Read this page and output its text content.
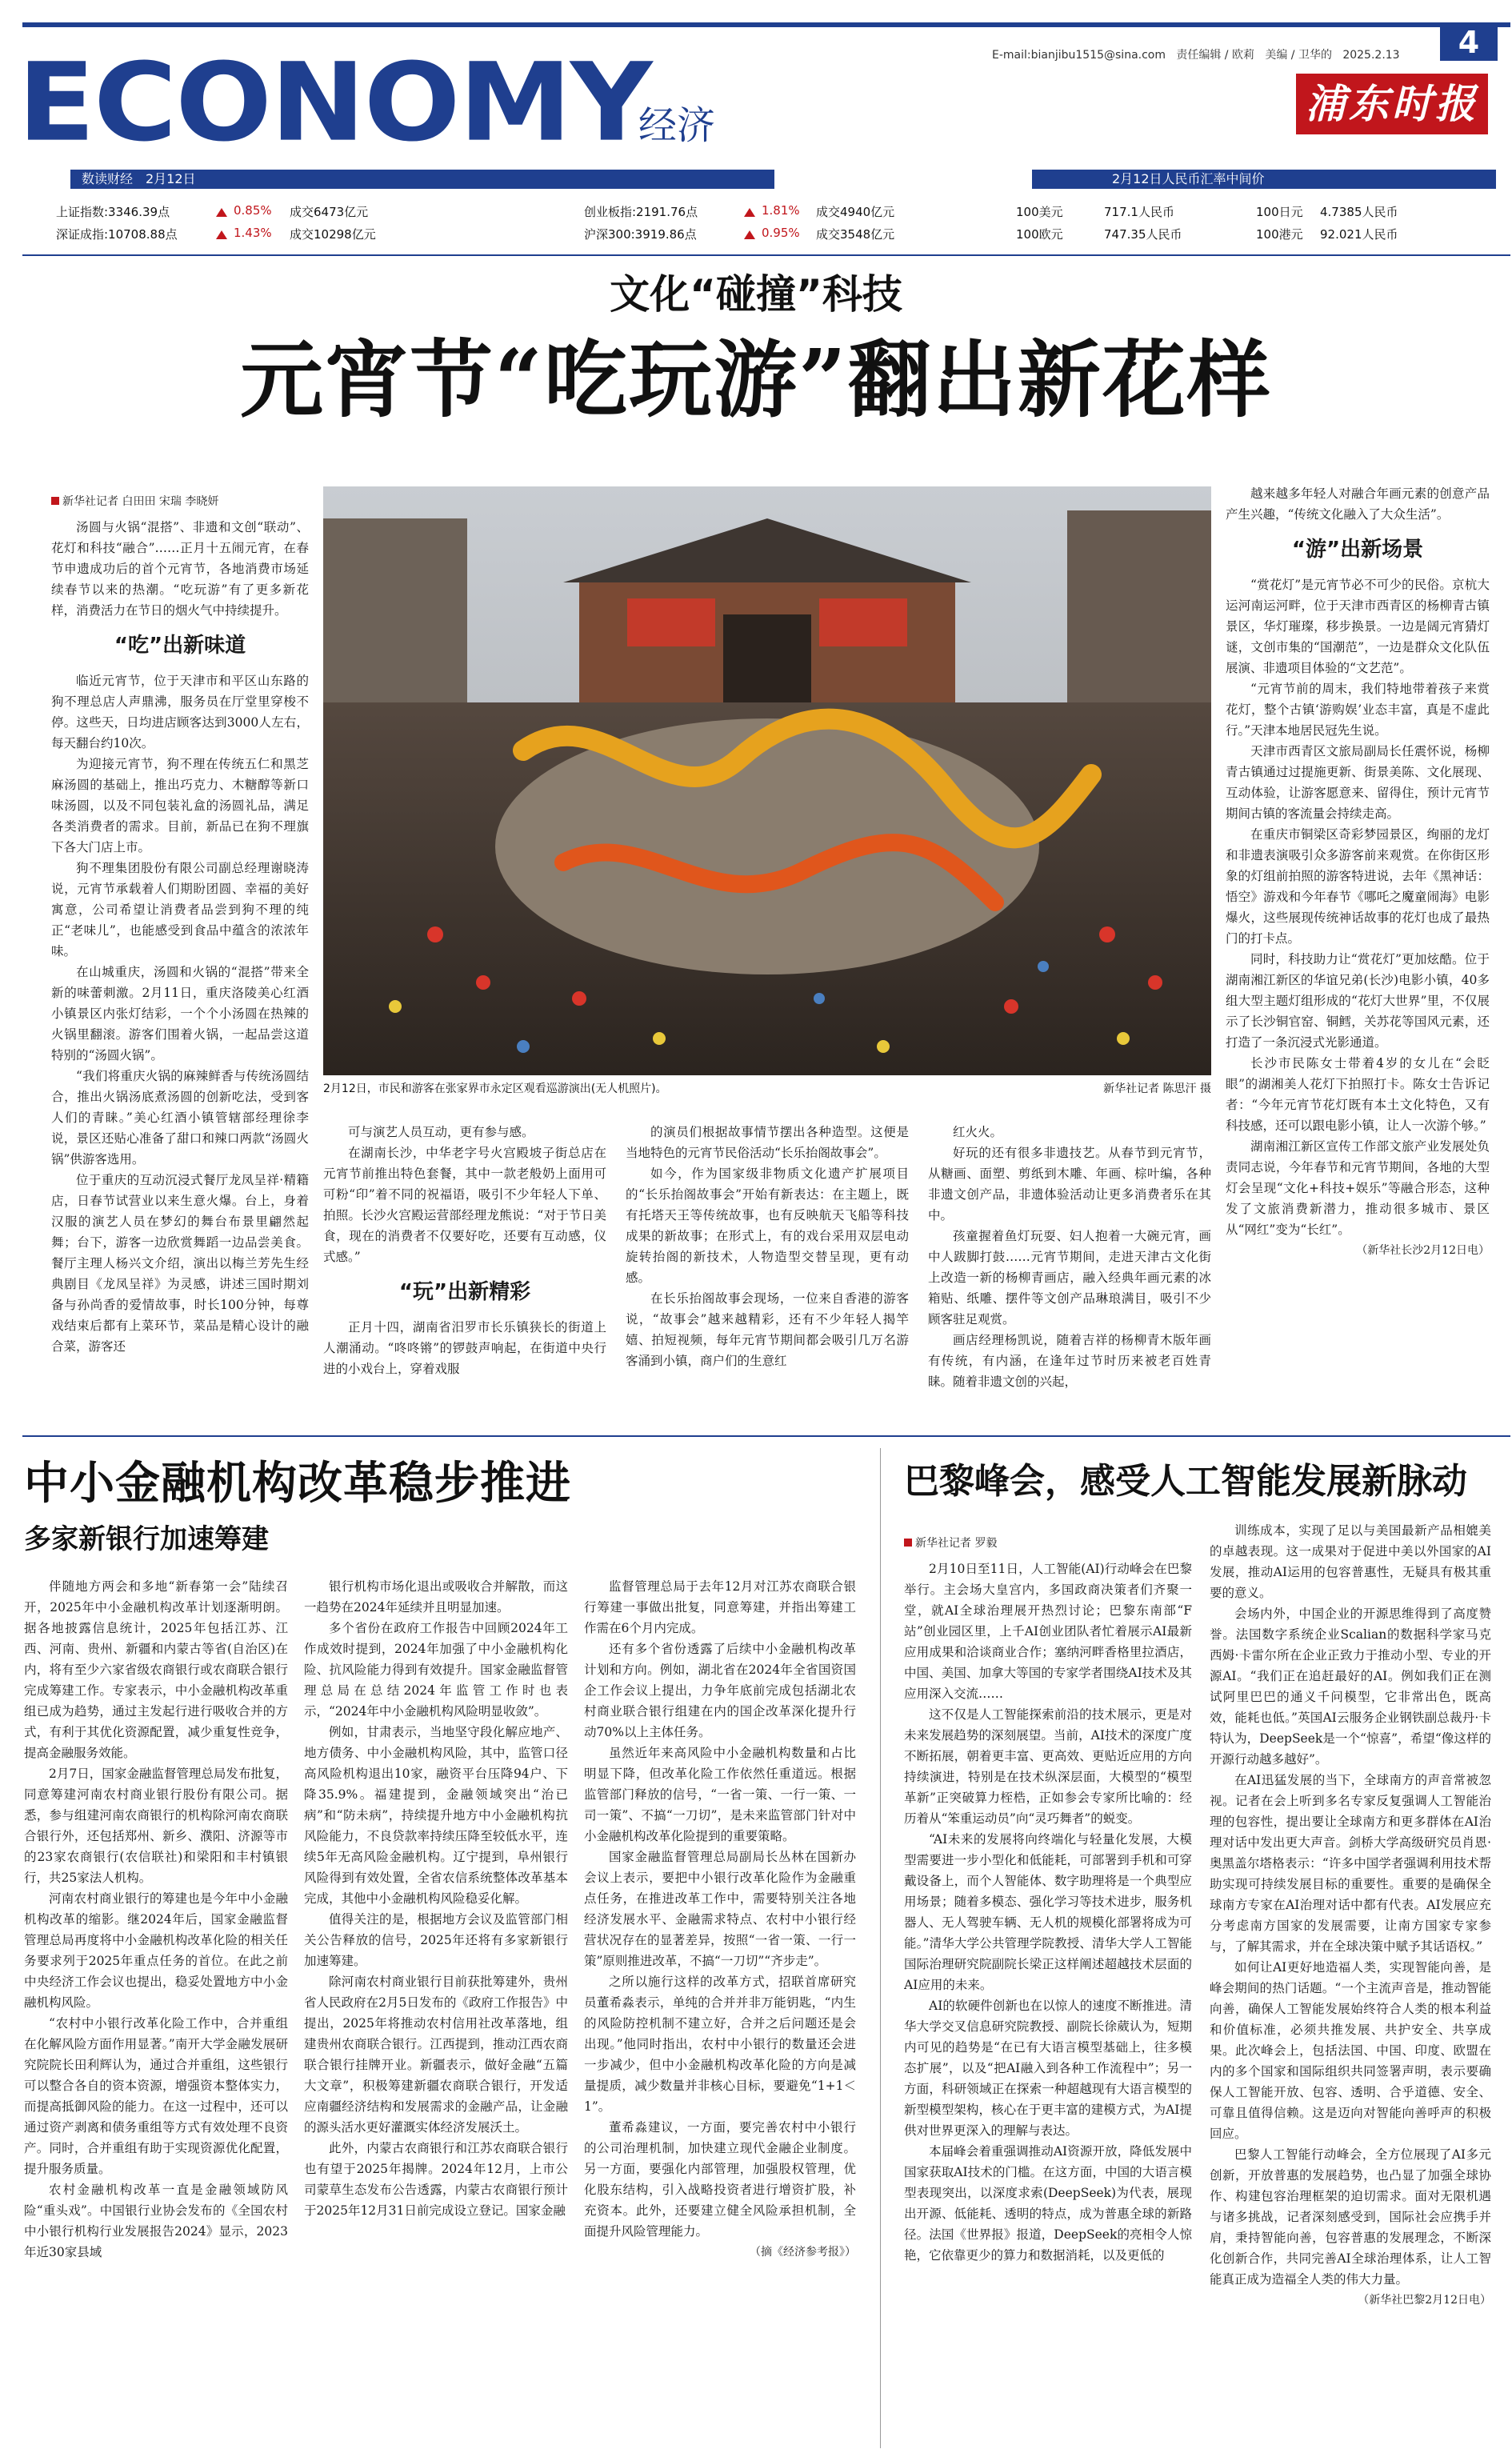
ECONOMY
经济
E-mail:bianjibu1515@sina.com 责任编辑 / 欧莉 美编 / 卫华的 2025.2.13	4
浦东时报
数读财经　2月12日	2月12日人民币汇率中间价
上证指数:3346.39点	0.85% 成交6473亿元	创业板指:2191.76点	1.81% 成交4940亿元
深证成指:10708.88点	1.43% 成交10298亿元	沪深300:3919.86点	0.95% 成交3548亿元
100美元	717.1人民币	100日元 4.7385人民币
100欧元	747.35人民币	100港元 92.021人民币
文化“碰撞”科技
元宵节“吃玩游”翻出新花样
2月12日，市民和游客在张家界市永定区观看巡游演出(无人机照片)。	新华社记者 陈思汗 摄
新华社记者 白田田 宋瑞 李晓妍

汤圆与火锅“混搭”、非遗和文创“联动”、花灯和科技“融合”……正月十五闹元宵，在春节申遗成功后的首个元宵节，各地消费市场延续春节以来的热潮。“吃玩游”有了更多新花样，消费活力在节日的烟火气中持续提升。

“吃”出新味道

临近元宵节，位于天津市和平区山东路的狗不理总店人声鼎沸，服务员在厅堂里穿梭不停。这些天，日均进店顾客达到3000人左右，每天翻台约10次。

为迎接元宵节，狗不理在传统五仁和黑芝麻汤圆的基础上，推出巧克力、木糖醇等新口味汤圆，以及不同包装礼盒的汤圆礼品，满足各类消费者的需求。目前，新品已在狗不理旗下各大门店上市。

狗不理集团股份有限公司副总经理谢晓涛说，元宵节承载着人们期盼团圆、幸福的美好寓意，公司希望让消费者品尝到狗不理的纯正“老味儿”，也能感受到食品中蕴含的浓浓年味。

在山城重庆，汤圆和火锅的“混搭”带来全新的味蕾刺激。2月11日，重庆洛陵美心红酒小镇景区内张灯结彩，一个个小汤圆在热辣的火锅里翻滚。游客们围着火锅，一起品尝这道特别的“汤圆火锅”。

“我们将重庆火锅的麻辣鲜香与传统汤圆结合，推出火锅汤底煮汤圆的创新吃法，受到客人们的青睐。”美心红酒小镇管辖部经理徐李说，景区还贴心准备了甜口和辣口两款“汤圆火锅”供游客选用。

位于重庆的互动沉浸式餐厅龙凤呈祥·精籍店，日春节试营业以来生意火爆。台上，身着汉服的演艺人员在梦幻的舞台布景里翩然起舞；台下，游客一边欣赏舞蹈一边品尝美食。餐厅主理人杨兴文介绍，演出以梅兰芳先生经典剧目《龙凤呈祥》为灵感，讲述三国时期刘备与孙尚香的爱情故事，时长100分钟，每尊戏结束后都有上菜环节，菜品是精心设计的融合菜，游客还

可与演艺人员互动，更有参与感。

在湖南长沙，中华老字号火宫殿坡子街总店在元宵节前推出特色套餐，其中一款老般奶上面用可可粉“印”着不同的祝福语，吸引不少年轻人下单、拍照。长沙火宫殿运营部经理龙熊说：“对于节日美食，现在的消费者不仅要好吃，还要有互动感，仪式感。”

“玩”出新精彩

正月十四，湖南省汨罗市长乐镇狭长的街道上人潮涌动。“咚咚锵”的锣鼓声响起，在街道中央行进的小戏台上，穿着戏服

的演员们根据故事情节摆出各种造型。这便是当地特色的元宵节民俗活动“长乐抬阁故事会”。

如今，作为国家级非物质文化遗产扩展项目的“长乐抬阁故事会”开始有新表达：在主题上，既有托塔天王等传统故事，也有反映航天飞船等科技成果的新故事；在形式上，有的戏台采用双层电动旋转抬阁的新技术，人物造型交替呈现，更有动感。

在长乐抬阁故事会现场，一位来自香港的游客说，“故事会”越来越精彩，还有不少年轻人揭竿嬉、拍短视频，每年元宵节期间都会吸引几万名游客涌到小镇，商户们的生意红

红火火。

好玩的还有很多非遗技艺。从春节到元宵节，从糖画、面塑、剪纸到木雕、年画、棕叶编，各种非遗文创产品，非遗体验活动让更多消费者乐在其中。

孩童握着鱼灯玩耍、妇人抱着一大碗元宵，画中人跋脚打鼓……元宵节期间，走进天津古文化街上改造一新的杨柳青画店，融入经典年画元素的冰箱贴、纸雕、摆件等文创产品琳琅满目，吸引不少顾客驻足观赏。

画店经理杨凯说，随着吉祥的杨柳青木版年画有传统，有内涵，在逢年过节时历来被老百姓青睐。随着非遗文创的兴起，

越来越多年轻人对融合年画元素的创意产品产生兴趣，“传统文化融入了大众生活”。

“游”出新场景

“赏花灯”是元宵节必不可少的民俗。京杭大运河南运河畔，位于天津市西青区的杨柳青古镇景区，华灯璀璨，移步换景。一边是阔元宵猜灯谜，文创市集的“国潮范”，一边是群众文化队伍展演、非遗项目体验的“文艺范”。

“元宵节前的周末，我们特地带着孩子来赏花灯，整个古镇‘游购娱’业态丰富，真是不虚此行。”天津本地居民冠先生说。

天津市西青区文旅局副局长任震怀说，杨柳青古镇通过过提施更新、街景美陈、文化展现、互动体验，让游客愿意来、留得住，预计元宵节期间古镇的客流量会持续走高。

在重庆市铜梁区奇彩梦园景区，绚丽的龙灯和非遗表演吸引众多游客前来观赏。在你街区形象的灯组前拍照的游客特进说，去年《黑神话：悟空》游戏和今年春节《哪吒之魔童闹海》电影爆火，这些展现传统神话故事的花灯也成了最热门的打卡点。

同时，科技助力让“赏花灯”更加炫酷。位于湖南湘江新区的华谊兄弟(长沙)电影小镇，40多组大型主题灯组形成的“花灯大世界”里，不仅展示了长沙铜官窑、铜鳕，关苏花等国风元素，还打造了一条沉浸式光影通道。

长沙市民陈女士带着4岁的女儿在“会眨眼”的湖湘美人花灯下拍照打卡。陈女士告诉记者：“今年元宵节花灯既有本土文化特色，又有科技感，还可以跟电影小镇，让人一次游个够。”

湖南湘江新区宣传工作部文旅产业发展处负责同志说，今年春节和元宵节期间，各地的大型灯会呈现“文化+科技+娱乐”等融合形态，这种发了文旅消费新潜力，推动很多城市、景区从“网红”变为“长红”。

（新华社长沙2月12日电）
中小金融机构改革稳步推进
多家新银行加速筹建

伴随地方两会和多地“新春第一会”陆续召开，2025年中小金融机构改革计划逐渐明朗。据各地披露信息统计，2025年包括江苏、江西、河南、贵州、新疆和内蒙古等省(自治区)在内，将有至少六家省级农商银行或农商联合银行完成筹建工作。专家表示，中小金融机构改革重组已成为趋势，通过主发起行进行吸收合并的方式，有利于其优化资源配置，减少重复性竞争，提高金融服务效能。

2月7日，国家金融监督管理总局发布批复，同意筹建河南农村商业银行股份有限公司。据悉，参与组建河南农商银行的机构除河南农商联合银行外，还包括郑州、新乡、濮阳、济源等市的23家农商银行(农信联社)和梁阳和丰村镇银行，共25家法人机构。

河南农村商业银行的筹建也是今年中小金融机构改革的缩影。继2024年后，国家金融监督管理总局再度将中小金融机构改革化险的相关任务要求列于2025年重点任务的首位。在此之前中央经济工作会议也提出，稳妥处置地方中小金融机构风险。

“农村中小银行改革化险工作中，合并重组在化解风险方面作用显著。”南开大学金融发展研究院院长田利辉认为，通过合并重组，这些银行可以整合各自的资本资源，增强资本整体实力，而提高抵御风险的能力。在这一过程中，还可以通过资产剥离和债务重组等方式有效处理不良资产。同时，合并重组有助于实现资源优化配置，提升服务质量。

农村金融机构改革一直是金融领域防风险“重头戏”。中国银行业协会发布的《全国农村中小银行机构行业发展报告2024》显示，2023年近30家县域

银行机构市场化退出或吸收合并解散，而这一趋势在2024年延续并且明显加速。

多个省份在政府工作报告中回顾2024年工作成效时提到，2024年加强了中小金融机构化险、抗风险能力得到有效提升。国家金融监督管理总局在总结2024年监管工作时也表示，“2024年中小金融机构风险明显收敛”。

例如，甘肃表示，当地坚守段化解应地产、地方债务、中小金融机构风险，其中，监管口径高风险机构退出10家，融资平台压降94户、下降35.9%。福建提到，金融领域突出“治已病”和“防未病”，持续提升地方中小金融机构抗风险能力，不良贷款率持续压降至较低水平，连续5年无高风险金融机构。辽宁提到，阜州银行风险得到有效处置，全省农信系统整体改革基本完成，其他中小金融机构风险稳妥化解。

值得关注的是，根据地方会议及监管部门相关公告释放的信号，2025年还将有多家新银行加速筹建。

除河南农村商业银行目前获批筹建外，贵州省人民政府在2月5日发布的《政府工作报告》中提出，2025年将推动农村信用社改革落地，组建贵州农商联合银行。江西提到，推动江西农商联合银行挂牌开业。新疆表示，做好金融“五篇大文章”，积极筹建新疆农商联合银行，开发适应南疆经济结构和发展需求的金融产品，让金融的源头活水更好灌溉实体经济发展沃土。

此外，内蒙古农商银行和江苏农商联合银行也有望于2025年揭牌。2024年12月，上市公司蒙草生态发布公告透露，内蒙古农商银行预计于2025年12月31日前完成设立登记。国家金融

监督管理总局于去年12月对江苏农商联合银行筹建一事做出批复，同意筹建，并指出筹建工作需在6个月内完成。

还有多个省份透露了后续中小金融机构改革计划和方向。例如，湖北省在2024年全省国资国企工作会议上提出，力争年底前完成包括湖北农村商业联合银行组建在内的国企改革深化提升行动70%以上主体任务。

虽然近年来高风险中小金融机构数量和占比明显下降，但改革化险工作依然任重道远。根据监管部门释放的信号，“一省一策、一行一策、一司一策”、不搞“一刀切”，是未来监管部门针对中小金融机构改革化险提到的重要策略。

国家金融监督管理总局副局长丛林在国新办会议上表示，要把中小银行改革化险作为金融重点任务，在推进改革工作中，需要特别关注各地经济发展水平、金融需求特点、农村中小银行经营状况存在的显著差异，按照“一省一策、一行一策”原则推进改革，不搞“一刀切”“齐步走”。

之所以施行这样的改革方式，招联首席研究员董希淼表示，单纯的合并并非万能钥匙，“内生的风险防控机制不建立好，合并之后问题还是会出现。”他同时指出，农村中小银行的数量还会进一步减少，但中小金融机构改革化险的方向是减量提质，减少数量并非核心目标，要避免“1+1＜1”。

董希淼建议，一方面，要完善农村中小银行的公司治理机制，加快建立现代金融企业制度。另一方面，要强化内部管理，加强股权管理，优化股东结构，引入战略投资者进行增资扩股，补充资本。此外，还要建立健全风险承担机制，全面提升风险管理能力。

（摘《经济参考报》）
巴黎峰会，感受人工智能发展新脉动
新华社记者 罗毅

2月10日至11日，人工智能(AI)行动峰会在巴黎举行。主会场大皇宫内，多国政商决策者们齐聚一堂，就AI全球治理展开热烈讨论；巴黎东南部“F站”创业园区里，上千AI创业团队者忙着展示AI最新应用成果和洽谈商业合作；塞纳河畔香格里拉酒店，中国、美国、加拿大等国的专家学者围绕AI技术及其应用深入交流……

这不仅是人工智能探索前沿的技术展示，更是对未来发展趋势的深刻展望。当前，AI技术的深度广度不断拓展，朝着更丰富、更高效、更贴近应用的方向持续演进，特别是在技术纵深层面，大模型的“模型革新”正突破算力桎梏，正如参会专家所比喻的：经历着从“笨重运动员”向“灵巧舞者”的蜕变。

“AI未来的发展将向终端化与轻量化发展，大模型需要进一步小型化和低能耗，可部署到手机和可穿戴设备上，而个人智能体、数字助理将是一个典型应用场景；随着多模态、强化学习等技术进步，服务机器人、无人驾驶车辆、无人机的规模化部署将成为可能。”清华大学公共管理学院教授、清华大学人工智能国际治理研究院副院长梁正这样阐述超越技术层面的AI应用的未来。

AI的软硬件创新也在以惊人的速度不断推进。清华大学交叉信息研究院教授、副院长徐葳认为，短期内可见的趋势是“在已有大语言模型基础上，往多模态扩展”，以及“把AI融入到各种工作流程中”；另一方面，科研领域正在探索一种超越现有大语言模型的新型模型架构，核心在于更丰富的建模方式，为AI提供对世界更深入的理解与表达。

本届峰会着重强调推动AI资源开放，降低发展中国家获取AI技术的门槛。在这方面，中国的大语言模型表现突出，以深度求索(DeepSeek)为代表，展现出开源、低能耗、透明的特点，成为普惠全球的新路径。法国《世界报》报道，DeepSeek的亮相令人惊艳，它依靠更少的算力和数据消耗，以及更低的

训练成本，实现了足以与美国最新产品相媲美的卓越表现。这一成果对于促进中美以外国家的AI发展，推动AI运用的包容普惠性，无疑具有极其重要的意义。

会场内外，中国企业的开源思维得到了高度赞誉。法国数字系统企业Scalian的数据科学家马克西姆·卡雷尔所在企业正致力于推动小型、专业的开源AI。“我们正在追赶最好的AI。例如我们正在测试阿里巴巴的通义千问模型，它非常出色，既高效，能耗也低。”英国AI云服务企业钢铁副总裁丹·卡特认为，DeepSeek是一个“惊喜”，希望“像这样的开源行动越多越好”。

在AI迅猛发展的当下，全球南方的声音常被忽视。记者在会上听到多名专家反复强调人工智能治理的包容性，提出要让全球南方和更多群体在AI治理对话中发出更大声音。剑桥大学高级研究员肖恩·奥黑盖尔塔格表示：“许多中国学者强调利用技术帮助实现可持续发展目标的重要性。重要的是确保全球南方专家在AI治理对话中都有代表。AI发展应充分考虑南方国家的发展需要，让南方国家专家参与，了解其需求，并在全球决策中赋予其话语权。”

如何让AI更好地造福人类，实现智能向善，是峰会期间的热门话题。“一个主流声音是，推动智能向善，确保人工智能发展始终符合人类的根本利益和价值标准，必须共推发展、共护安全、共享成果。此次峰会上，包括法国、中国、印度、欧盟在内的多个国家和国际组织共同签署声明，表示要确保人工智能开放、包容、透明、合乎道德、安全、可靠且值得信赖。这是迈向对智能向善呼声的积极回应。

巴黎人工智能行动峰会，全方位展现了AI多元创新，开放普惠的发展趋势，也凸显了加强全球协作、构建包容治理框架的迫切需求。面对无限机遇与诸多挑战，记者深刻感受到，国际社会应携手并肩，秉持智能向善，包容普惠的发展理念，不断深化创新合作，共同完善AI全球治理体系，让人工智能真正成为造福全人类的伟大力量。

（新华社巴黎2月12日电）
